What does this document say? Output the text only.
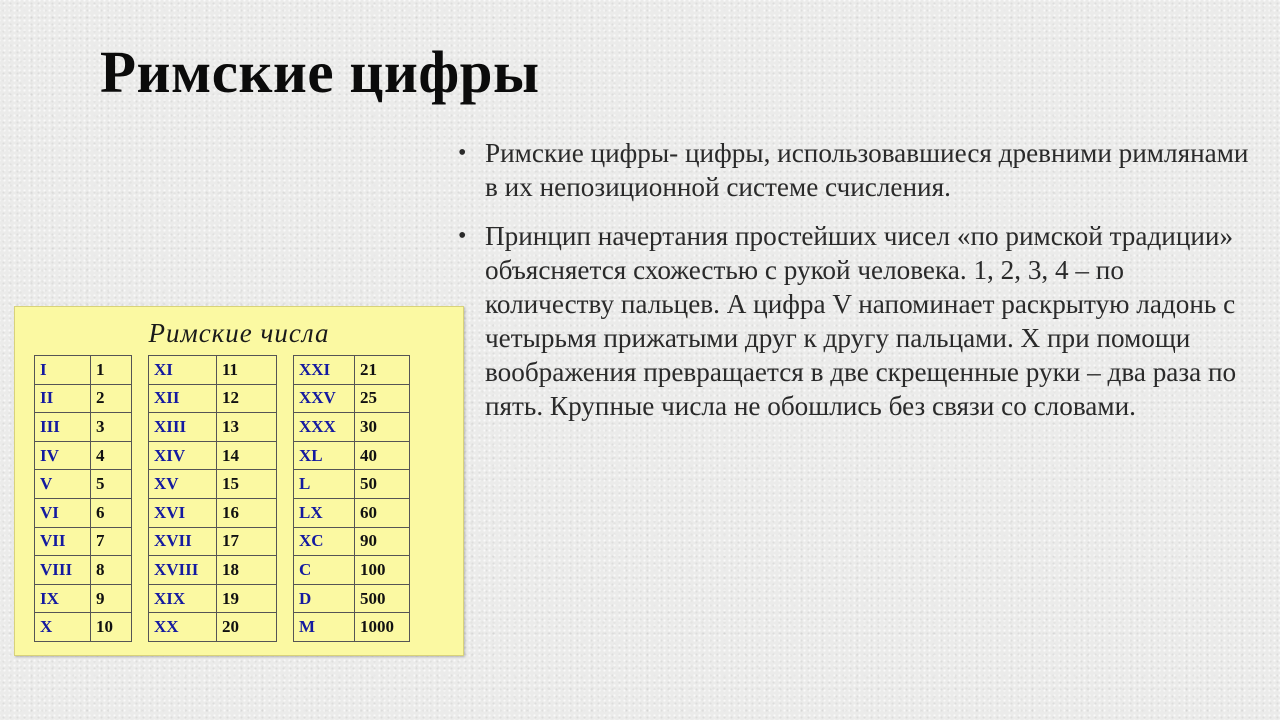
Римские цифры
• Римские цифры- цифры, использовавшиеся древними римлянами в их непозиционной системе счисления.
• Принцип начертания простейших чисел «по римской традиции» объясняется схожестью с рукой человека. 1, 2, 3, 4 – по количеству пальцев. А цифра V напоминает раскрытую ладонь с четырьмя прижатыми друг к другу пальцами. Х при помощи воображения превращается в две скрещенные руки – два раза по пять. Крупные числа не обошлись без связи со словами.
Римские числа
I	1		XI	11		XXI	21
II	2		XII	12		XXV	25
III	3		XIII	13		XXX	30
IV	4		XIV	14		XL	40
V	5		XV	15		L	50
VI	6		XVI	16		LX	60
VII	7		XVII	17		XC	90
VIII	8		XVIII	18		C	100
IX	9		XIX	19		D	500
X	10		XX	20		M	1000
